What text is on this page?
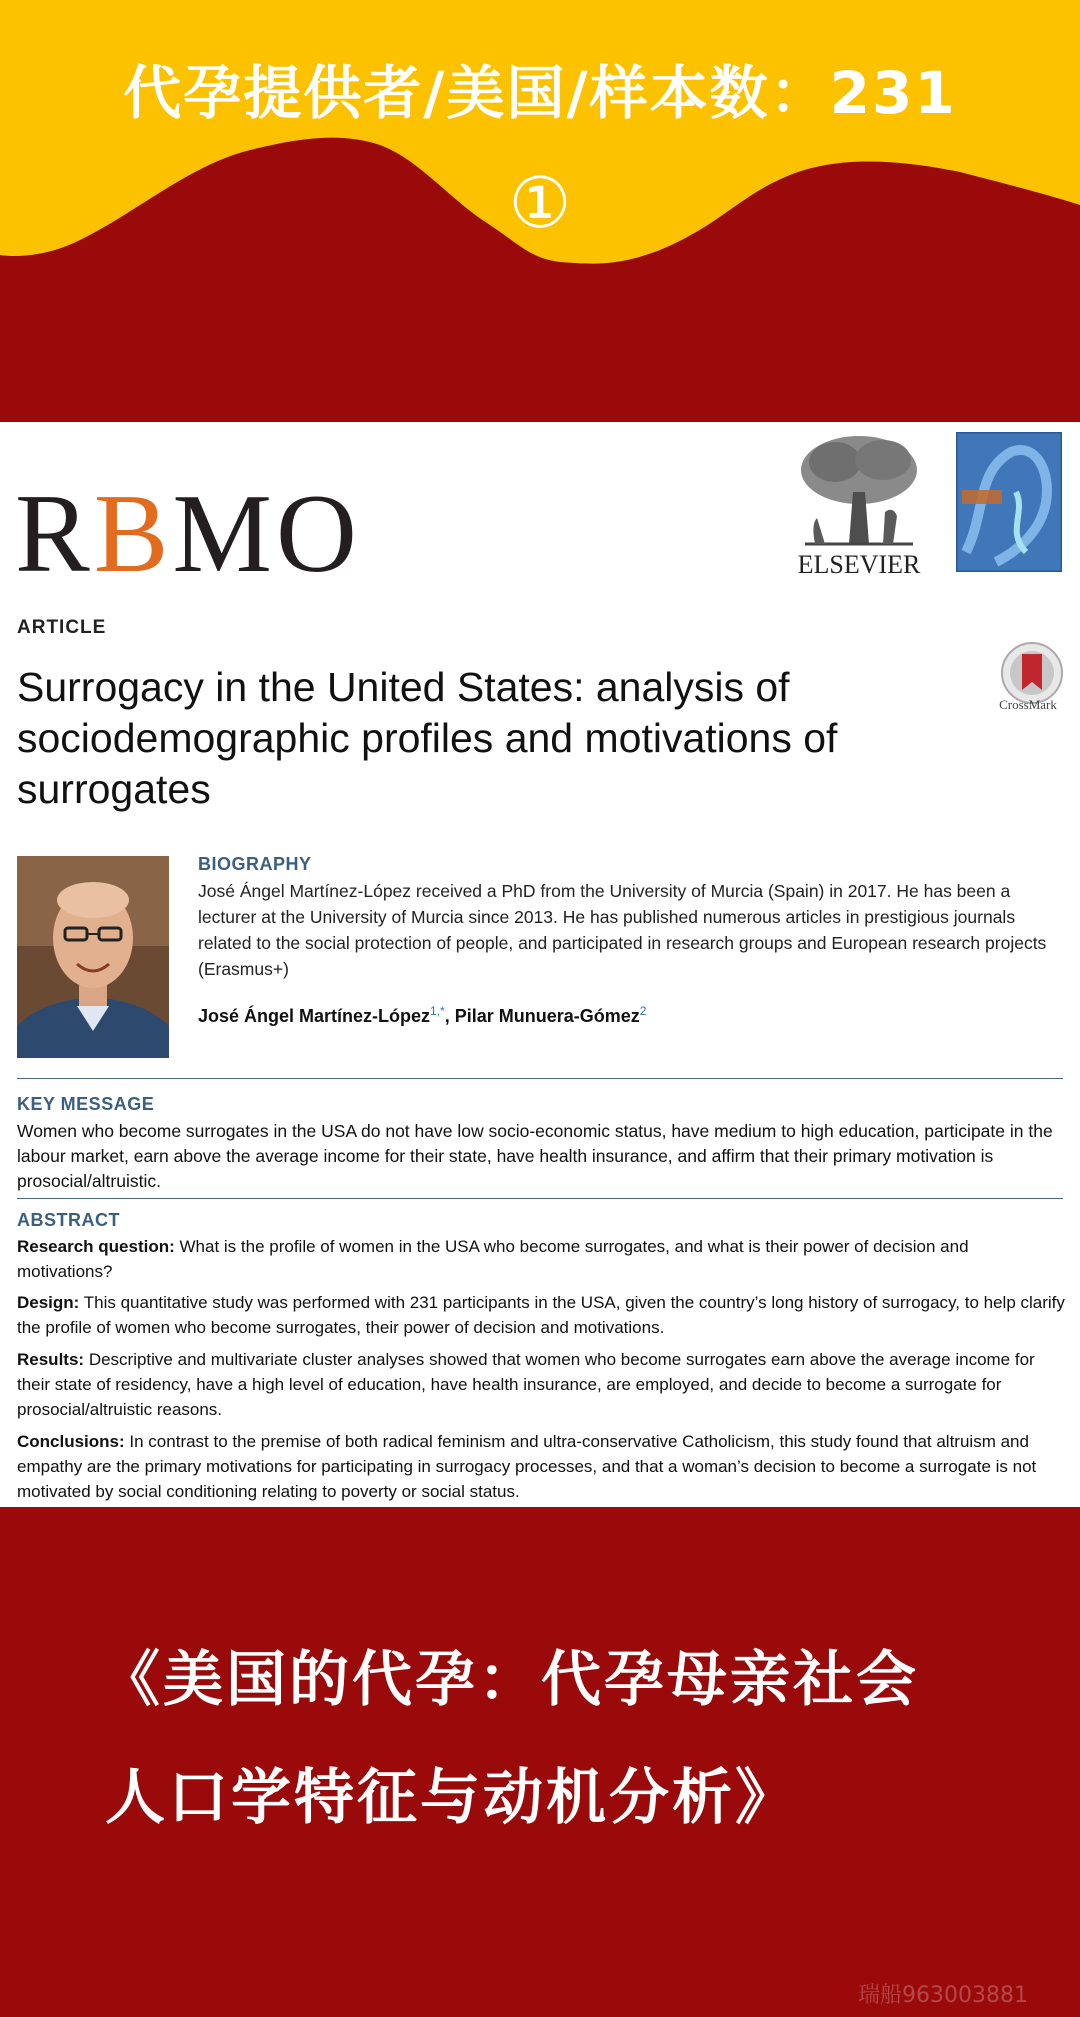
代孕提供者/美国/样本数：231
①
RBMO	ELSEVIER
ARTICLE
CrossMark
Surrogacy in the United States: analysis of sociodemographic profiles and motivations of surrogates
BIOGRAPHY
José Ángel Martínez-López received a PhD from the University of Murcia (Spain) in 2017. He has been a lecturer at the University of Murcia since 2013. He has published numerous articles in prestigious journals related to the social protection of people, and participated in research groups and European research projects (Erasmus+)
José Ángel Martínez-López$^{1,*}$, Pilar Munuera-Gómez$^2$
KEY MESSAGE
Women who become surrogates in the USA do not have low socio-economic status, have medium to high education, participate in the labour market, earn above the average income for their state, have health insurance, and affirm that their primary motivation is prosocial/altruistic.
ABSTRACT
Research question: What is the profile of women in the USA who become surrogates, and what is their power of decision and motivations?
Design: This quantitative study was performed with 231 participants in the USA, given the country’s long history of surrogacy, to help clarify the profile of women who become surrogates, their power of decision and motivations.
Results: Descriptive and multivariate cluster analyses showed that women who become surrogates earn above the average income for their state of residency, have a high level of education, have health insurance, are employed, and decide to become a surrogate for prosocial/altruistic reasons.
Conclusions: In contrast to the premise of both radical feminism and ultra-conservative Catholicism, this study found that altruism and empathy are the primary motivations for participating in surrogacy processes, and that a woman’s decision to become a surrogate is not motivated by social conditioning relating to poverty or social status.
《美国的代孕：代孕母亲社会
人口学特征与动机分析》
瑞船963003881
